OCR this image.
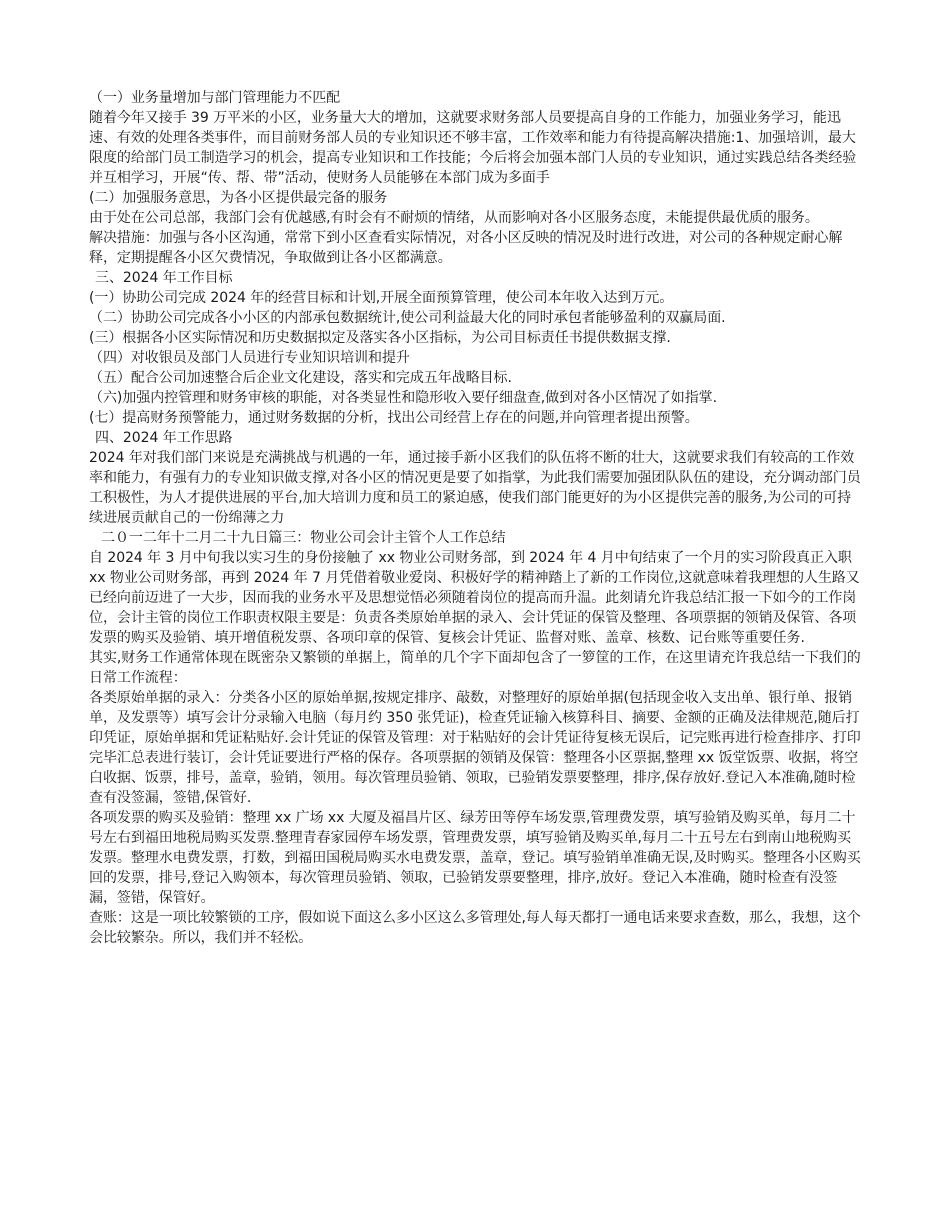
（一）业务量增加与部门管理能力不匹配

随着今年又接手 39 万平米的小区，业务量大大的增加，这就要求财务部人员要提高自身的工作能力，加强业务学习，能迅速、有效的处理各类事件，而目前财务部人员的专业知识还不够丰富，工作效率和能力有待提高解决措施:1、加强培训，最大限度的给部门员工制造学习的机会，提高专业知识和工作技能；今后将会加强本部门人员的专业知识，通过实践总结各类经验并互相学习，开展“传、帮、带”活动，使财务人员能够在本部门成为多面手

(二）加强服务意思，为各小区提供最完备的服务

由于处在公司总部，我部门会有优越感,有时会有不耐烦的情绪，从而影响对各小区服务态度，未能提供最优质的服务。

解决措施：加强与各小区沟通，常常下到小区查看实际情况，对各小区反映的情况及时进行改进，对公司的各种规定耐心解释，定期提醒各小区欠费情况，争取做到让各小区都满意。

三、2024 年工作目标

(一）协助公司完成 2024 年的经营目标和计划,开展全面预算管理，使公司本年收入达到万元。

（二）协助公司完成各小小区的内部承包数据统计,使公司利益最大化的同时承包者能够盈利的双赢局面.

(三）根据各小区实际情况和历史数据拟定及落实各小区指标，为公司目标责任书提供数据支撑.

（四）对收银员及部门人员进行专业知识培训和提升

（五）配合公司加速整合后企业文化建设，落实和完成五年战略目标.

（六)加强内控管理和财务审核的职能，对各类显性和隐形收入要仔细盘查,做到对各小区情况了如指掌.

(七）提高财务预警能力，通过财务数据的分析，找出公司经营上存在的问题,并向管理者提出预警。

四、2024 年工作思路

2024 年对我们部门来说是充满挑战与机遇的一年，通过接手新小区我们的队伍将不断的壮大，这就要求我们有较高的工作效率和能力，有强有力的专业知识做支撑,对各小区的情况更是要了如指掌，为此我们需要加强团队队伍的建设，充分调动部门员工积极性，为人才提供进展的平台,加大培训力度和员工的紧迫感，使我们部门能更好的为小区提供完善的服务,为公司的可持续进展贡献自己的一份绵薄之力

二０一二年十二月二十九日篇三：物业公司会计主管个人工作总结

自 2024 年 3 月中旬我以实习生的身份接触了 xx 物业公司财务部，到 2024 年 4 月中旬结束了一个月的实习阶段真正入职 xx 物业公司财务部，再到 2024 年 7 月凭借着敬业爱岗、积极好学的精神踏上了新的工作岗位,这就意味着我理想的人生路又已经向前迈进了一大步，因而我的业务水平及思想觉悟必须随着岗位的提高而升温。此刻请允许我总结汇报一下如今的工作岗位，会计主管的岗位工作职责权限主要是：负责各类原始单据的录入、会计凭证的保管及整理、各项票据的领销及保管、各项发票的购买及验销、填开增值税发票、各项印章的保管、复核会计凭证、监督对账、盖章、核数、记台账等重要任务.

其实,财务工作通常体现在既密杂又繁锁的单据上，简单的几个字下面却包含了一箩筐的工作，在这里请充许我总结一下我们的日常工作流程：

各类原始单据的录入：分类各小区的原始单据,按规定排序、敲数，对整理好的原始单据(包括现金收入支出单、银行单、报销单，及发票等）填写会计分录输入电脑（每月约 350 张凭证)，检查凭证输入核算科目、摘要、金额的正确及法律规范,随后打印凭证，原始单据和凭证粘贴好.会计凭证的保管及管理：对于粘贴好的会计凭证待复核无误后，记完账再进行检查排序、打印完毕汇总表进行装订，会计凭证要进行严格的保存。各项票据的领销及保管：整理各小区票据,整理 xx 饭堂饭票、收据，将空白收据、饭票，排号，盖章，验销，领用。每次管理员验销、领取，已验销发票要整理，排序,保存放好.登记入本准确,随时检查有没签漏，签错,保管好.

各项发票的购买及验销：整理 xx 广场 xx 大厦及福昌片区、绿芳田等停车场发票,管理费发票，填写验销及购买单，每月二十号左右到福田地税局购买发票.整理青春家园停车场发票，管理费发票，填写验销及购买单,每月二十五号左右到南山地税购买发票。整理水电费发票，打数，到福田国税局购买水电费发票，盖章，登记。填写验销单准确无误,及时购买。整理各小区购买回的发票，排号,登记入购领本，每次管理员验销、领取，已验销发票要整理，排序,放好。登记入本准确，随时检查有没签漏，签错，保管好。

查账：这是一项比较繁锁的工序，假如说下面这么多小区这么多管理处,每人每天都打一通电话来要求查数，那么，我想，这个会比较繁杂。所以，我们并不轻松。
